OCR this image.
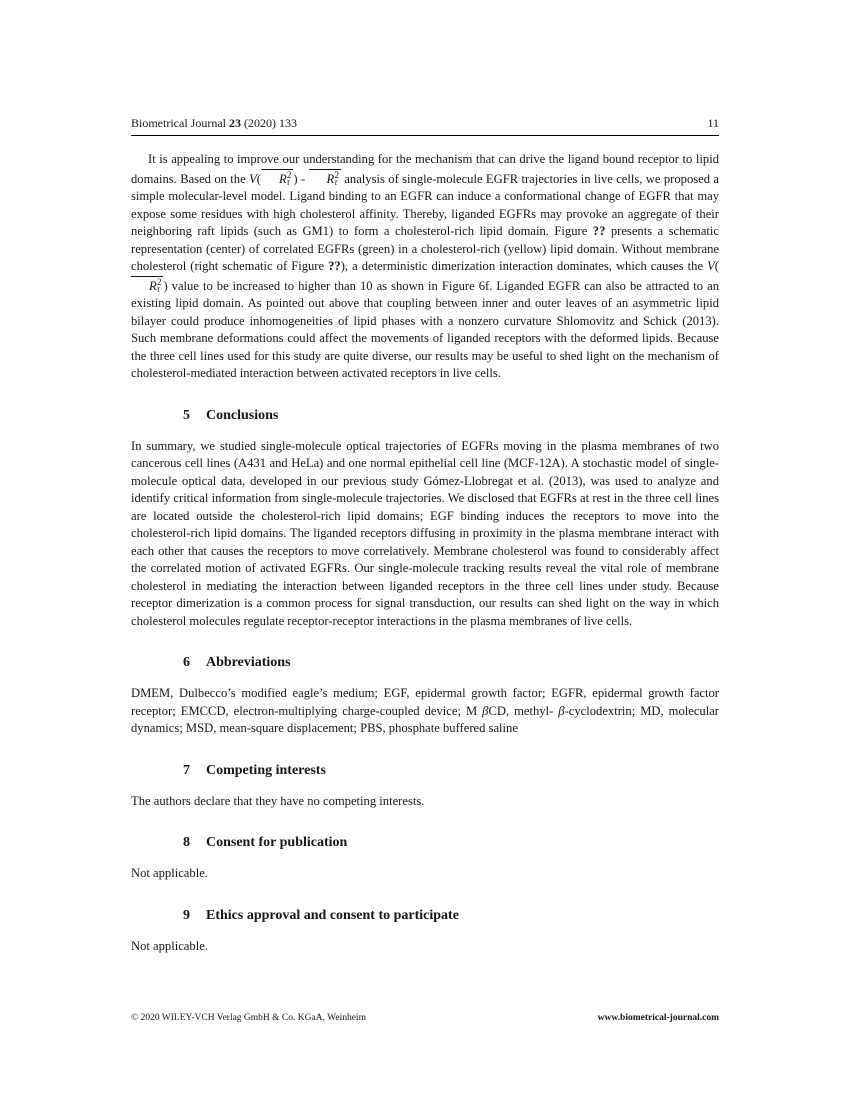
Biometrical Journal 23 (2020) 133	11

It is appealing to improve our understanding for the mechanism that can drive the ligand bound receptor to lipid domains. Based on the V( $R_\tau^2$ ) - $R_\tau^2$ analysis of single-molecule EGFR trajectories in live cells, we proposed a simple molecular-level model. Ligand binding to an EGFR can induce a conformational change of EGFR that may expose some residues with high cholesterol affinity. Thereby, liganded EGFRs may provoke an aggregate of their neighboring raft lipids (such as GM1) to form a cholesterol-rich lipid domain. Figure ?? presents a schematic representation (center) of correlated EGFRs (green) in a cholesterol-rich (yellow) lipid domain. Without membrane cholesterol (right schematic of Figure ??), a deterministic dimerization interaction dominates, which causes the $V(R_\tau^2$ ) value to be increased to higher than 10 as shown in Figure 6f. Liganded EGFR can also be attracted to an existing lipid domain. As pointed out above that coupling between inner and outer leaves of an asymmetric lipid bilayer could produce inhomogeneities of lipid phases with a nonzero curvature Shlomovitz and Schick (2013). Such membrane deformations could affect the movements of liganded receptors with the deformed lipids. Because the three cell lines used for this study are quite diverse, our results may be useful to shed light on the mechanism of cholesterol-mediated interaction between activated receptors in live cells.

5 Conclusions

In summary, we studied single-molecule optical trajectories of EGFRs moving in the plasma membranes of two cancerous cell lines (A431 and HeLa) and one normal epithelial cell line (MCF-12A). A stochastic model of single-molecule optical data, developed in our previous study Gómez-Llobregat et al. (2013), was used to analyze and identify critical information from single-molecule trajectories. We disclosed that EGFRs at rest in the three cell lines are located outside the cholesterol-rich lipid domains; EGF binding induces the receptors to move into the cholesterol-rich lipid domains. The liganded receptors diffusing in proximity in the plasma membrane interact with each other that causes the receptors to move correlatively. Membrane cholesterol was found to considerably affect the correlated motion of activated EGFRs. Our single-molecule tracking results reveal the vital role of membrane cholesterol in mediating the interaction between liganded receptors in the three cell lines under study. Because receptor dimerization is a common process for signal transduction, our results can shed light on the way in which cholesterol molecules regulate receptor-receptor interactions in the plasma membranes of live cells.

6 Abbreviations

DMEM, Dulbecco’s modified eagle’s medium; EGF, epidermal growth factor; EGFR, epidermal growth factor receptor; EMCCD, electron-multiplying charge-coupled device; M βCD, methyl- β-cyclodextrin; MD, molecular dynamics; MSD, mean-square displacement; PBS, phosphate buffered saline

7 Competing interests

The authors declare that they have no competing interests.

8 Consent for publication

Not applicable.

9 Ethics approval and consent to participate

Not applicable.

© 2020 WILEY-VCH Verlag GmbH & Co. KGaA, Weinheim	www.biometrical-journal.com
